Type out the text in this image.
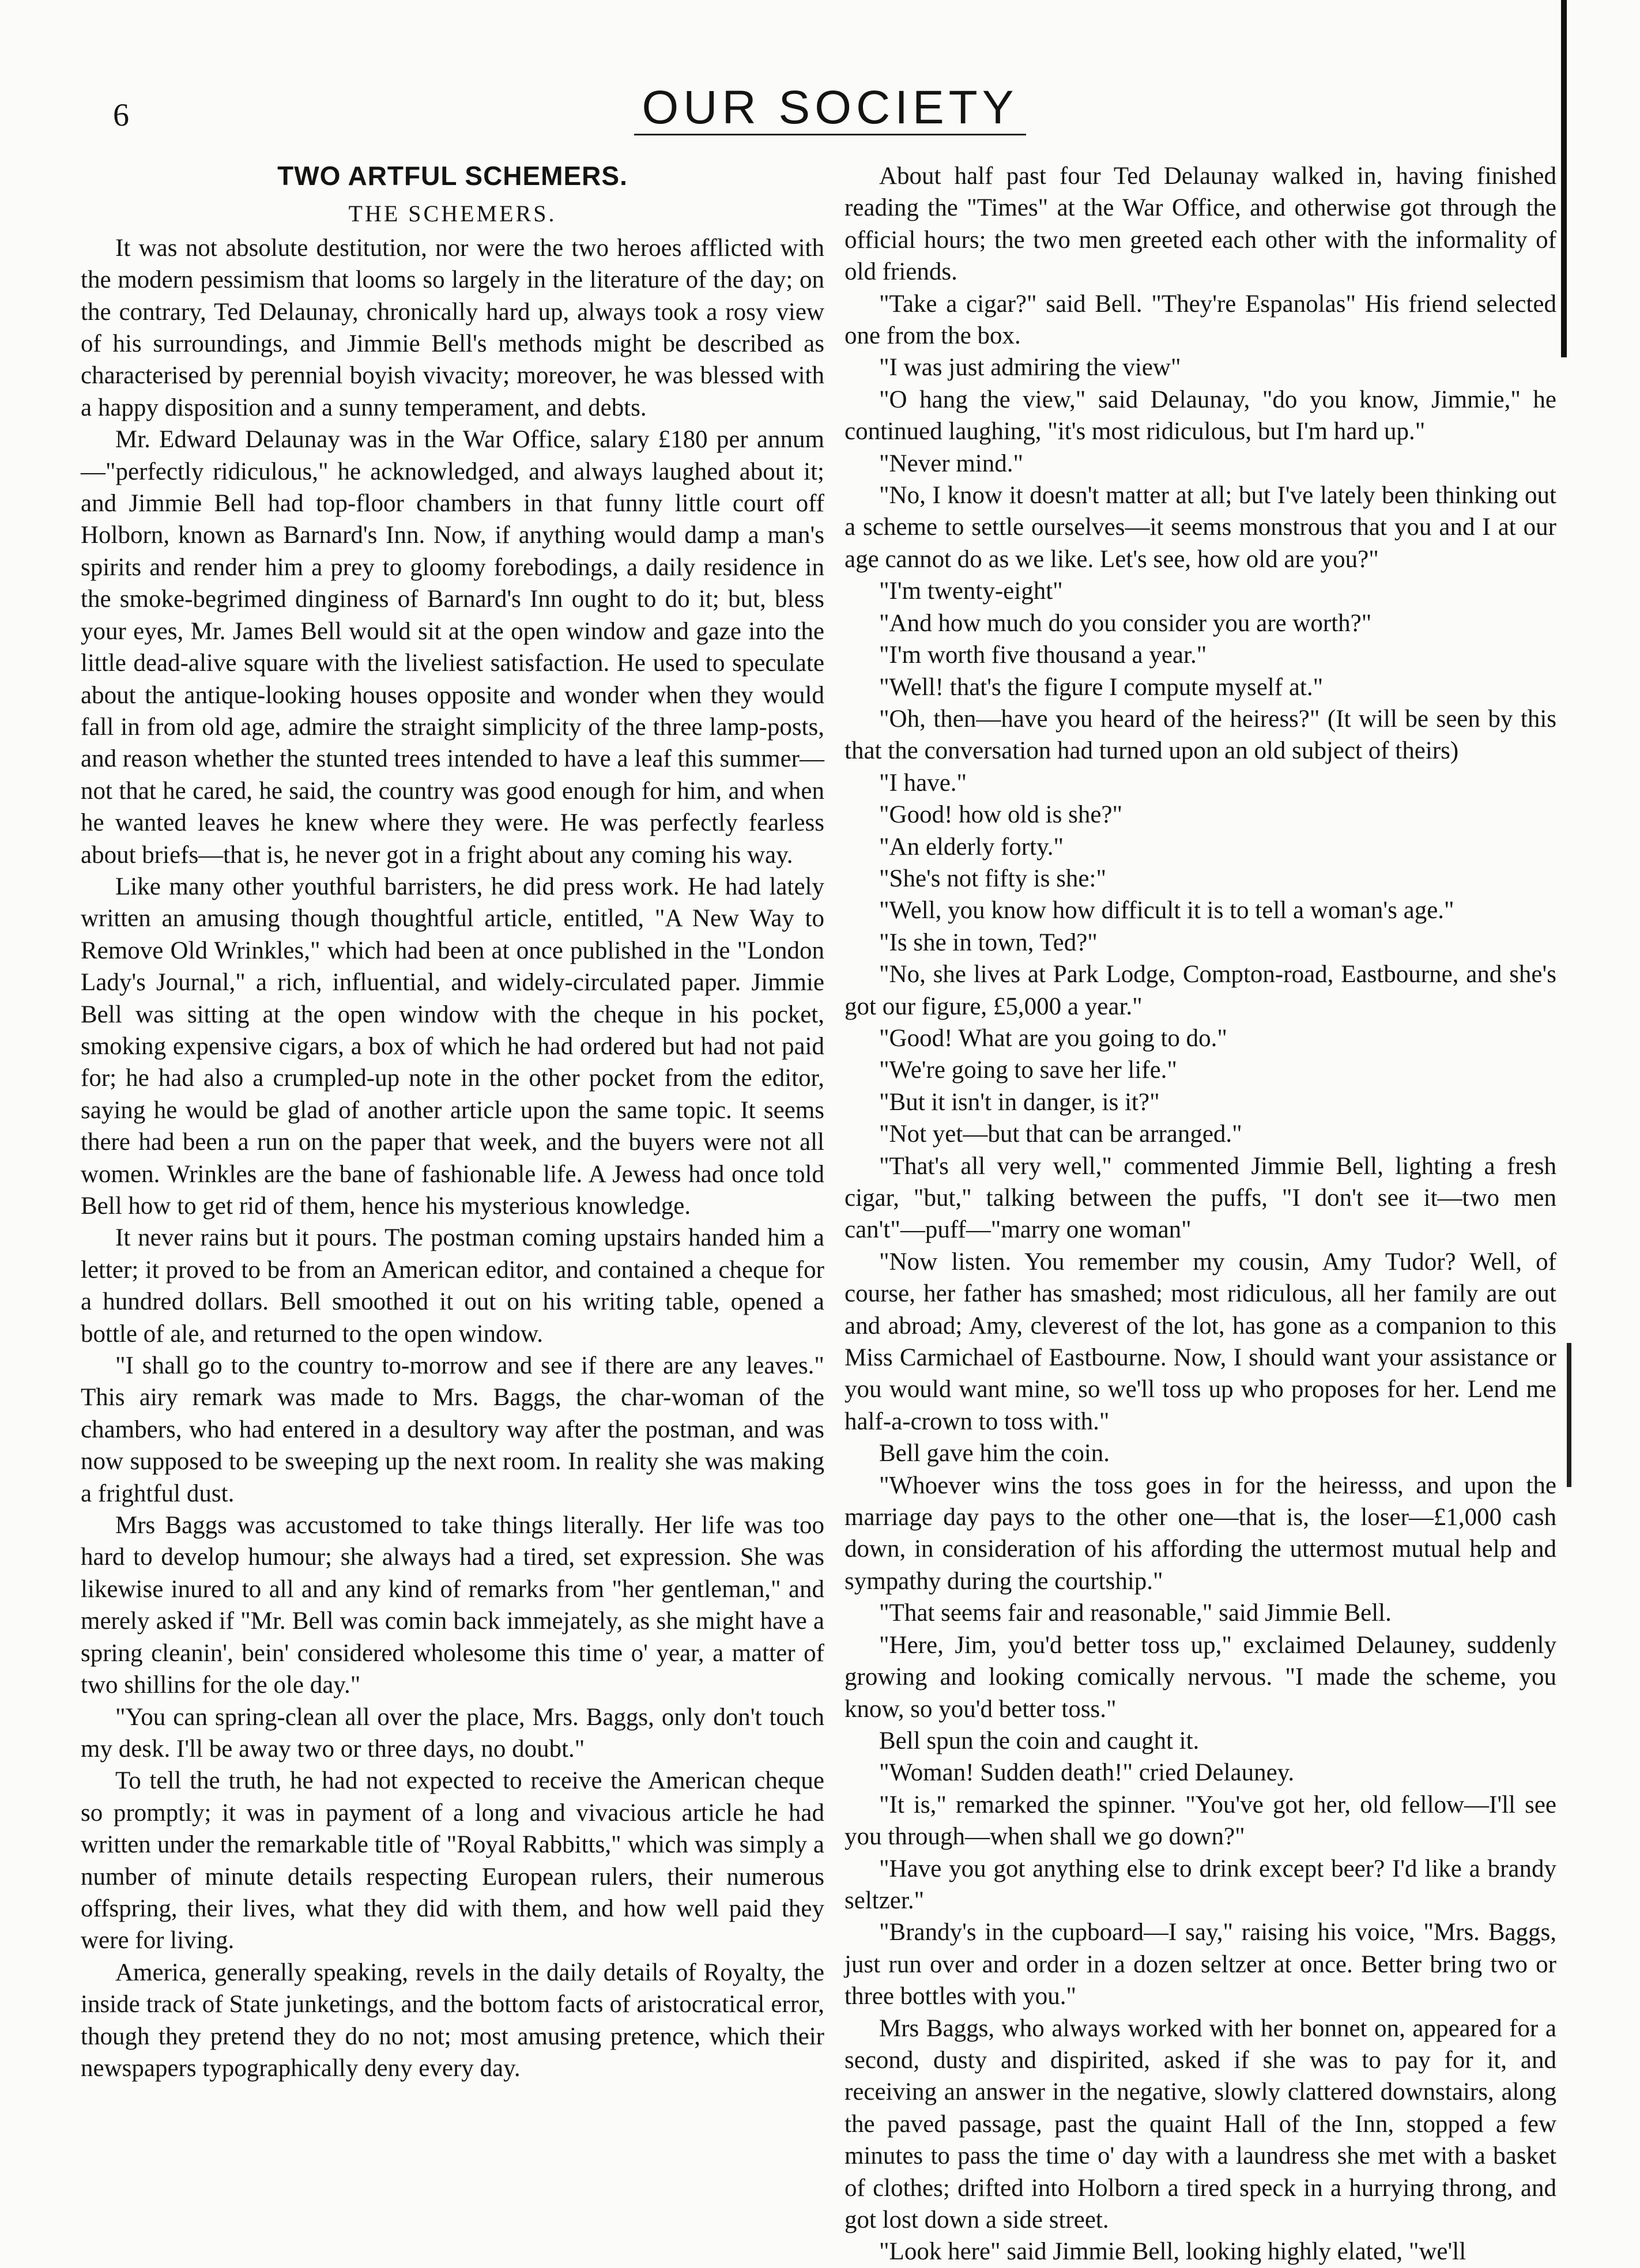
6	OUR SOCIETY
TWO ARTFUL SCHEMERS.
THE SCHEMERS.

It was not absolute destitution, nor were the two heroes afflicted with the modern pessimism that looms so largely in the literature of the day; on the contrary, Ted Delaunay, chronically hard up, always took a rosy view of his surroundings, and Jimmie Bell's methods might be described as characterised by perennial boyish vivacity; moreover, he was blessed with a happy disposition and a sunny temperament, and debts.

Mr. Edward Delaunay was in the War Office, salary £180 per annum—"perfectly ridiculous," he acknowledged, and always laughed about it; and Jimmie Bell had top-floor chambers in that funny little court off Holborn, known as Barnard's Inn. Now, if anything would damp a man's spirits and render him a prey to gloomy forebodings, a daily residence in the smoke-begrimed dinginess of Barnard's Inn ought to do it; but, bless your eyes, Mr. James Bell would sit at the open window and gaze into the little dead-alive square with the liveliest satisfaction. He used to speculate about the antique-looking houses opposite and wonder when they would fall in from old age, admire the straight simplicity of the three lamp-posts, and reason whether the stunted trees intended to have a leaf this summer—not that he cared, he said, the country was good enough for him, and when he wanted leaves he knew where they were. He was perfectly fearless about briefs—that is, he never got in a fright about any coming his way.

Like many other youthful barristers, he did press work. He had lately written an amusing though thoughtful article, entitled, "A New Way to Remove Old Wrinkles," which had been at once published in the "London Lady's Journal," a rich, influential, and widely-circulated paper. Jimmie Bell was sitting at the open window with the cheque in his pocket, smoking expensive cigars, a box of which he had ordered but had not paid for; he had also a crumpled-up note in the other pocket from the editor, saying he would be glad of another article upon the same topic. It seems there had been a run on the paper that week, and the buyers were not all women. Wrinkles are the bane of fashionable life. A Jewess had once told Bell how to get rid of them, hence his mysterious knowledge.

It never rains but it pours. The postman coming upstairs handed him a letter; it proved to be from an American editor, and contained a cheque for a hundred dollars. Bell smoothed it out on his writing table, opened a bottle of ale, and returned to the open window.

"I shall go to the country to-morrow and see if there are any leaves." This airy remark was made to Mrs. Baggs, the char-woman of the chambers, who had entered in a desultory way after the postman, and was now supposed to be sweeping up the next room. In reality she was making a frightful dust.

Mrs Baggs was accustomed to take things literally. Her life was too hard to develop humour; she always had a tired, set expression. She was likewise inured to all and any kind of remarks from "her gentleman," and merely asked if "Mr. Bell was comin back immejately, as she might have a spring cleanin', bein' considered wholesome this time o' year, a matter of two shillins for the ole day."

"You can spring-clean all over the place, Mrs. Baggs, only don't touch my desk. I'll be away two or three days, no doubt."

To tell the truth, he had not expected to receive the American cheque so promptly; it was in payment of a long and vivacious article he had written under the remarkable title of "Royal Rabbitts," which was simply a number of minute details respecting European rulers, their numerous offspring, their lives, what they did with them, and how well paid they were for living.

America, generally speaking, revels in the daily details of Royalty, the inside track of State junketings, and the bottom facts of aristocratical error, though they pretend they do no not; most amusing pretence, which their newspapers typographically deny every day.

About half past four Ted Delaunay walked in, having finished reading the "Times" at the War Office, and otherwise got through the official hours; the two men greeted each other with the informality of old friends.

"Take a cigar?" said Bell. "They're Espanolas" His friend selected one from the box.

"I was just admiring the view"

"O hang the view," said Delaunay, "do you know, Jimmie," he continued laughing, "it's most ridiculous, but I'm hard up."

"Never mind."

"No, I know it doesn't matter at all; but I've lately been thinking out a scheme to settle ourselves—it seems monstrous that you and I at our age cannot do as we like. Let's see, how old are you?"

"I'm twenty-eight"

"And how much do you consider you are worth?"

"I'm worth five thousand a year."

"Well! that's the figure I compute myself at."

"Oh, then—have you heard of the heiress?" (It will be seen by this that the conversation had turned upon an old subject of theirs)

"I have."

"Good! how old is she?"

"An elderly forty."

"She's not fifty is she:"

"Well, you know how difficult it is to tell a woman's age."

"Is she in town, Ted?"

"No, she lives at Park Lodge, Compton-road, Eastbourne, and she's got our figure, £5,000 a year."

"Good! What are you going to do."

"We're going to save her life."

"But it isn't in danger, is it?"

"Not yet—but that can be arranged."

"That's all very well," commented Jimmie Bell, lighting a fresh cigar, "but," talking between the puffs, "I don't see it—two men can't"—puff—"marry one woman"

"Now listen. You remember my cousin, Amy Tudor? Well, of course, her father has smashed; most ridiculous, all her family are out and abroad; Amy, cleverest of the lot, has gone as a companion to this Miss Carmichael of Eastbourne. Now, I should want your assistance or you would want mine, so we'll toss up who proposes for her. Lend me half-a-crown to toss with."

Bell gave him the coin.

"Whoever wins the toss goes in for the heiresss, and upon the marriage day pays to the other one—that is, the loser—£1,000 cash down, in consideration of his affording the uttermost mutual help and sympathy during the courtship."

"That seems fair and reasonable," said Jimmie Bell.

"Here, Jim, you'd better toss up," exclaimed Delauney, suddenly growing and looking comically nervous. "I made the scheme, you know, so you'd better toss."

Bell spun the coin and caught it.

"Woman! Sudden death!" cried Delauney.

"It is," remarked the spinner. "You've got her, old fellow—I'll see you through—when shall we go down?"

"Have you got anything else to drink except beer? I'd like a brandy seltzer."

"Brandy's in the cupboard—I say," raising his voice, "Mrs. Baggs, just run over and order in a dozen seltzer at once. Better bring two or three bottles with you."

Mrs Baggs, who always worked with her bonnet on, appeared for a second, dusty and dispirited, asked if she was to pay for it, and receiving an answer in the negative, slowly clattered downstairs, along the paved passage, past the quaint Hall of the Inn, stopped a few minutes to pass the time o' day with a laundress she met with a basket of clothes; drifted into Holborn a tired speck in a hurrying throng, and got lost down a side street.

"Look here" said Jimmie Bell, looking highly elated, "we'll
